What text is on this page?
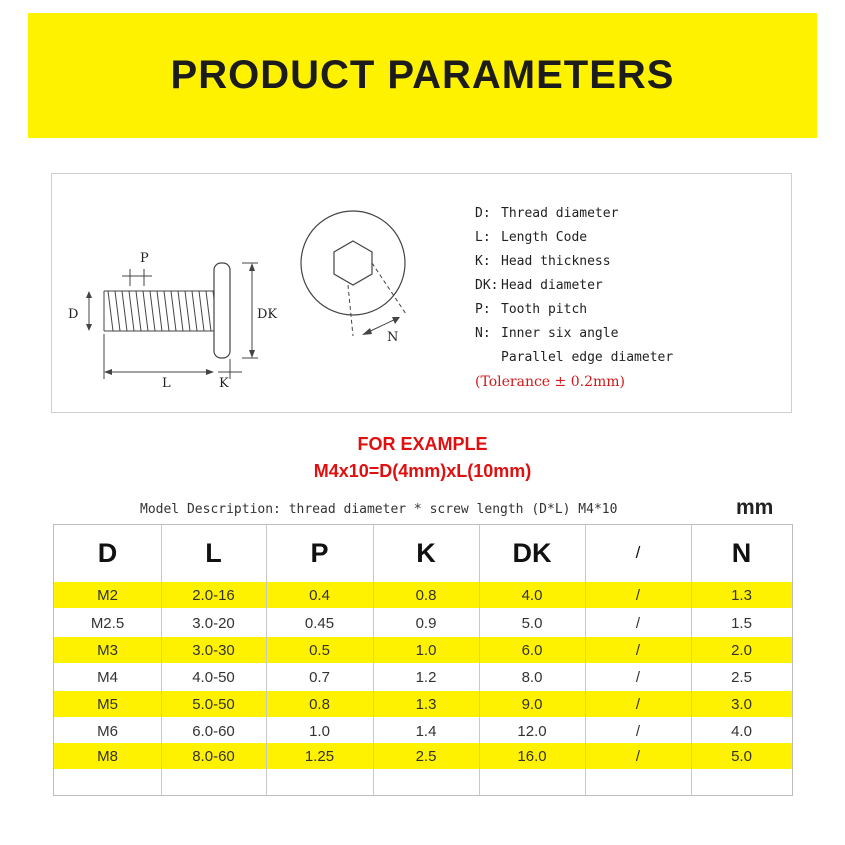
PRODUCT PARAMETERS
P
D	DK
L	K
N
D: Thread diameter
L: Length Code
K: Head thickness
DK: Head diameter
P: Tooth pitch
N: Inner six angle
Parallel edge diameter
(Tolerance ± 0.2mm)
FOR EXAMPLE
M4x10=D(4mm)xL(10mm)
Model Description: thread diameter * screw length (D*L) M4*10	mm
D	L	P	K	DK	/	N
M2	2.0-16	0.4	0.8	4.0	/	1.3
M2.5	3.0-20	0.45	0.9	5.0	/	1.5
M3	3.0-30	0.5	1.0	6.0	/	2.0
M4	4.0-50	0.7	1.2	8.0	/	2.5
M5	5.0-50	0.8	1.3	9.0	/	3.0
M6	6.0-60	1.0	1.4	12.0	/	4.0
M8	8.0-60	1.25	2.5	16.0	/	5.0
